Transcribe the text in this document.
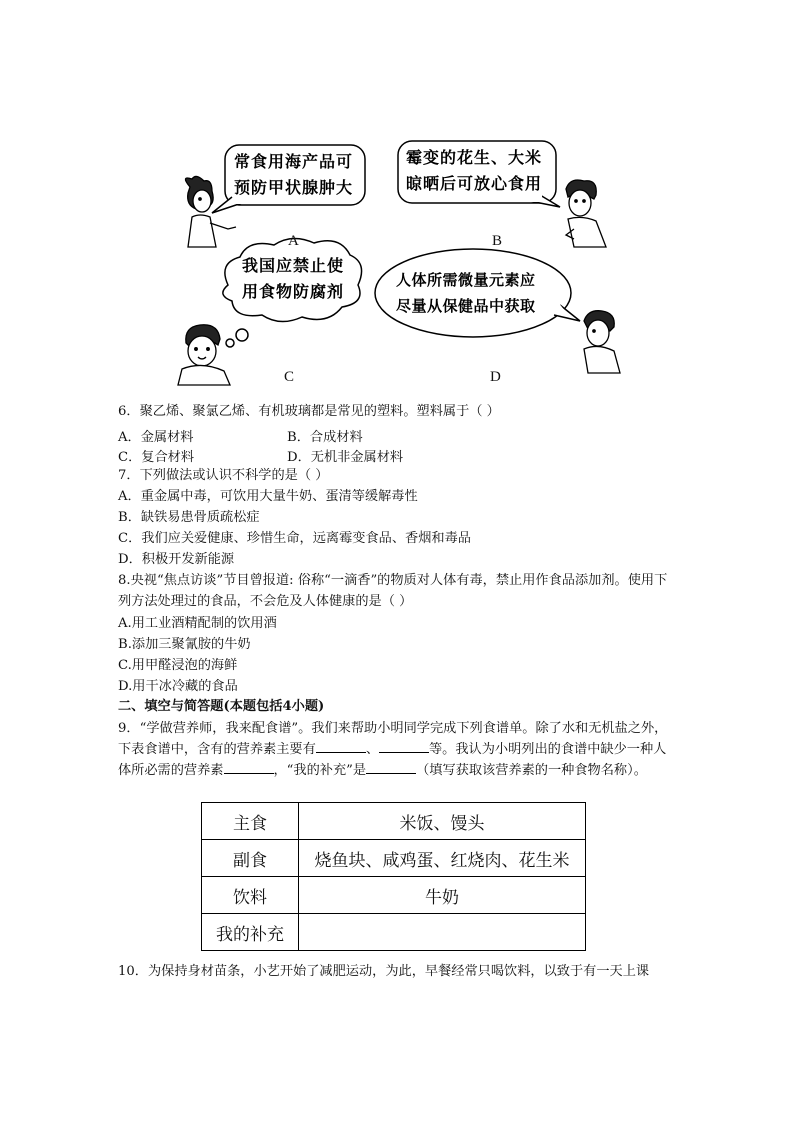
常食用海产品可
预防甲状腺肿大
霉变的花生、大米
晾晒后可放心食用
我国应禁止使
用食物防腐剂
人体所需微量元素应
尽量从保健品中获取
A	B
C	D
6．聚乙烯、聚氯乙烯、有机玻璃都是常见的塑料。塑料属于（ ）
A．金属材料	B．合成材料
C．复合材料	D．无机非金属材料
7．下列做法或认识不科学的是（ ）
A．重金属中毒，可饮用大量牛奶、蛋清等缓解毒性
B．缺铁易患骨质疏松症
C．我们应关爱健康、珍惜生命，远离霉变食品、香烟和毒品
D．积极开发新能源
8.央视“焦点访谈”节目曾报道: 俗称“一滴香”的物质对人体有毒，禁止用作食品添加剂。使用下列方法处理过的食品，不会危及人体健康的是（ ）
A.用工业酒精配制的饮用酒
B.添加三聚氰胺的牛奶
C.用甲醛浸泡的海鲜
D.用干冰冷藏的食品
二、填空与简答题(本题包括4小题)
9．“学做营养师，我来配食谱”。我们来帮助小明同学完成下列食谱单。除了水和无机盐之外，下表食谱中，含有的营养素主要有	、	等。我认为小明列出的食谱中缺少一种人体所必需的营养素	，“我的补充”是	（填写获取该营养素的一种食物名称）。
主食	米饭、馒头
副食	烧鱼块、咸鸡蛋、红烧肉、花生米
饮料	牛奶
我的补充	
10．为保持身材苗条，小艺开始了减肥运动，为此，早餐经常只喝饮料，以致于有一天上课
